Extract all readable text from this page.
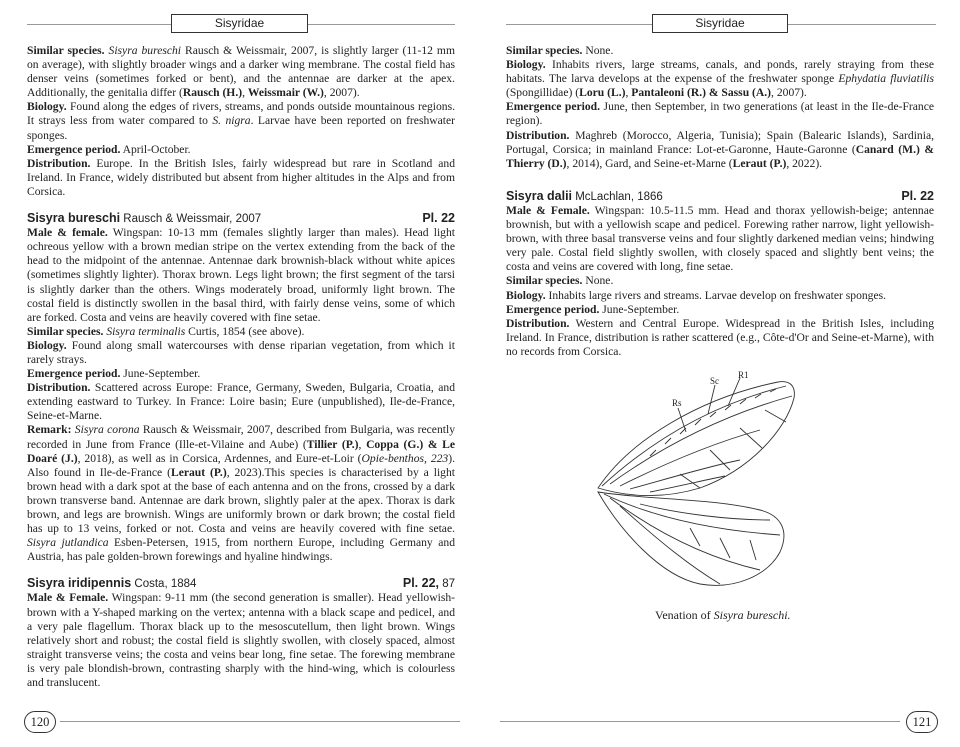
Sisyridae

Similar species. Sisyra bureschi Rausch & Weissmair, 2007, is slightly larger (11-12 mm on average), with slightly broader wings and a darker wing membrane. The costal field has denser veins (sometimes forked or bent), and the antennae are darker at the apex. Additionally, the genitalia differ (Rausch (H.), Weissmair (W.), 2007).

Biology. Found along the edges of rivers, streams, and ponds outside mountainous regions. It strays less from water compared to S. nigra. Larvae have been reported on freshwater sponges.

Emergence period. April-October.

Distribution. Europe. In the British Isles, fairly widespread but rare in Scotland and Ireland. In France, widely distributed but absent from higher altitudes in the Alps and from Corsica.

Sisyra bureschi Rausch & Weissmair, 2007	Pl. 22

Male & female. Wingspan: 10-13 mm (females slightly larger than males). Head light ochreous yellow with a brown median stripe on the vertex extending from the back of the head to the midpoint of the antennae. Antennae dark brownish-black without white apices (sometimes slightly lighter). Thorax brown. Legs light brown; the first segment of the tarsi is slightly darker than the others. Wings moderately broad, uniformly light brown. The costal field is distinctly swollen in the basal third, with fairly dense veins, some of which are forked. Costa and veins are heavily covered with fine setae.

Similar species. Sisyra terminalis Curtis, 1854 (see above).

Biology. Found along small watercourses with dense riparian vegetation, from which it rarely strays.

Emergence period. June-September.

Distribution. Scattered across Europe: France, Germany, Sweden, Bulgaria, Croatia, and extending eastward to Turkey. In France: Loire basin; Eure (unpublished), Ile-de-France, Seine-et-Marne.

Remark: Sisyra corona Rausch & Weissmair, 2007, described from Bulgaria, was recently recorded in June from France (Ille-et-Vilaine and Aube) (Tillier (P.), Coppa (G.) & Le Doaré (J.), 2018), as well as in Corsica, Ardennes, and Eure-et-Loir (Opie-benthos, 223). Also found in Ile-de-France (Leraut (P.), 2023).This species is characterised by a light brown head with a dark spot at the base of each antenna and on the frons, crossed by a dark brown transverse band. Antennae are dark brown, slightly paler at the apex. Thorax is dark brown, and legs are brownish. Wings are uniformly brown or dark brown; the costal field has up to 13 veins, forked or not. Costa and veins are heavily covered with fine setae. Sisyra jutlandica Esben-Petersen, 1915, from northern Europe, including Germany and Austria, has pale golden-brown forewings and hyaline hindwings.

Sisyra iridipennis Costa, 1884	Pl. 22, 87

Male & Female. Wingspan: 9-11 mm (the second generation is smaller). Head yellowish-brown with a Y-shaped marking on the vertex; antenna with a black scape and pedicel, and a very pale flagellum. Thorax black up to the mesoscutellum, then light brown. Wings relatively short and robust; the costal field is slightly swollen, with closely spaced, almost straight transverse veins; the costa and veins bear long, fine setae. The forewing membrane is very pale blondish-brown, contrasting sharply with the hind-wing, which is colourless and translucent.

120
Sisyridae

Similar species. None.

Biology. Inhabits rivers, large streams, canals, and ponds, rarely straying from these habitats. The larva develops at the expense of the freshwater sponge Ephydatia fluviatilis (Spongillidae) (Loru (L.), Pantaleoni (R.) & Sassu (A.), 2007).

Emergence period. June, then September, in two generations (at least in the Ile-de-France region).

Distribution. Maghreb (Morocco, Algeria, Tunisia); Spain (Balearic Islands), Sardinia, Portugal, Corsica; in mainland France: Lot-et-Garonne, Haute-Garonne (Canard (M.) & Thierry (D.), 2014), Gard, and Seine-et-Marne (Leraut (P.), 2022).

Sisyra dalii McLachlan, 1866	Pl. 22

Male & Female. Wingspan: 10.5-11.5 mm. Head and thorax yellowish-beige; antennae brownish, but with a yellowish scape and pedicel. Forewing rather narrow, light yellowish-brown, with three basal transverse veins and four slightly darkened median veins; hindwing very pale. Costal field slightly swollen, with closely spaced and slightly bent veins; the costa and veins are covered with long, fine setae.

Similar species. None.

Biology. Inhabits large rivers and streams. Larvae develop on freshwater sponges.

Emergence period. June-September.

Distribution. Western and Central Europe. Widespread in the British Isles, including Ireland. In France, distribution is rather scattered (e.g., Côte-d'Or and Seine-et-Marne), with no records from Corsica.

Rs
Sc
R1
Venation of Sisyra bureschi.
121
